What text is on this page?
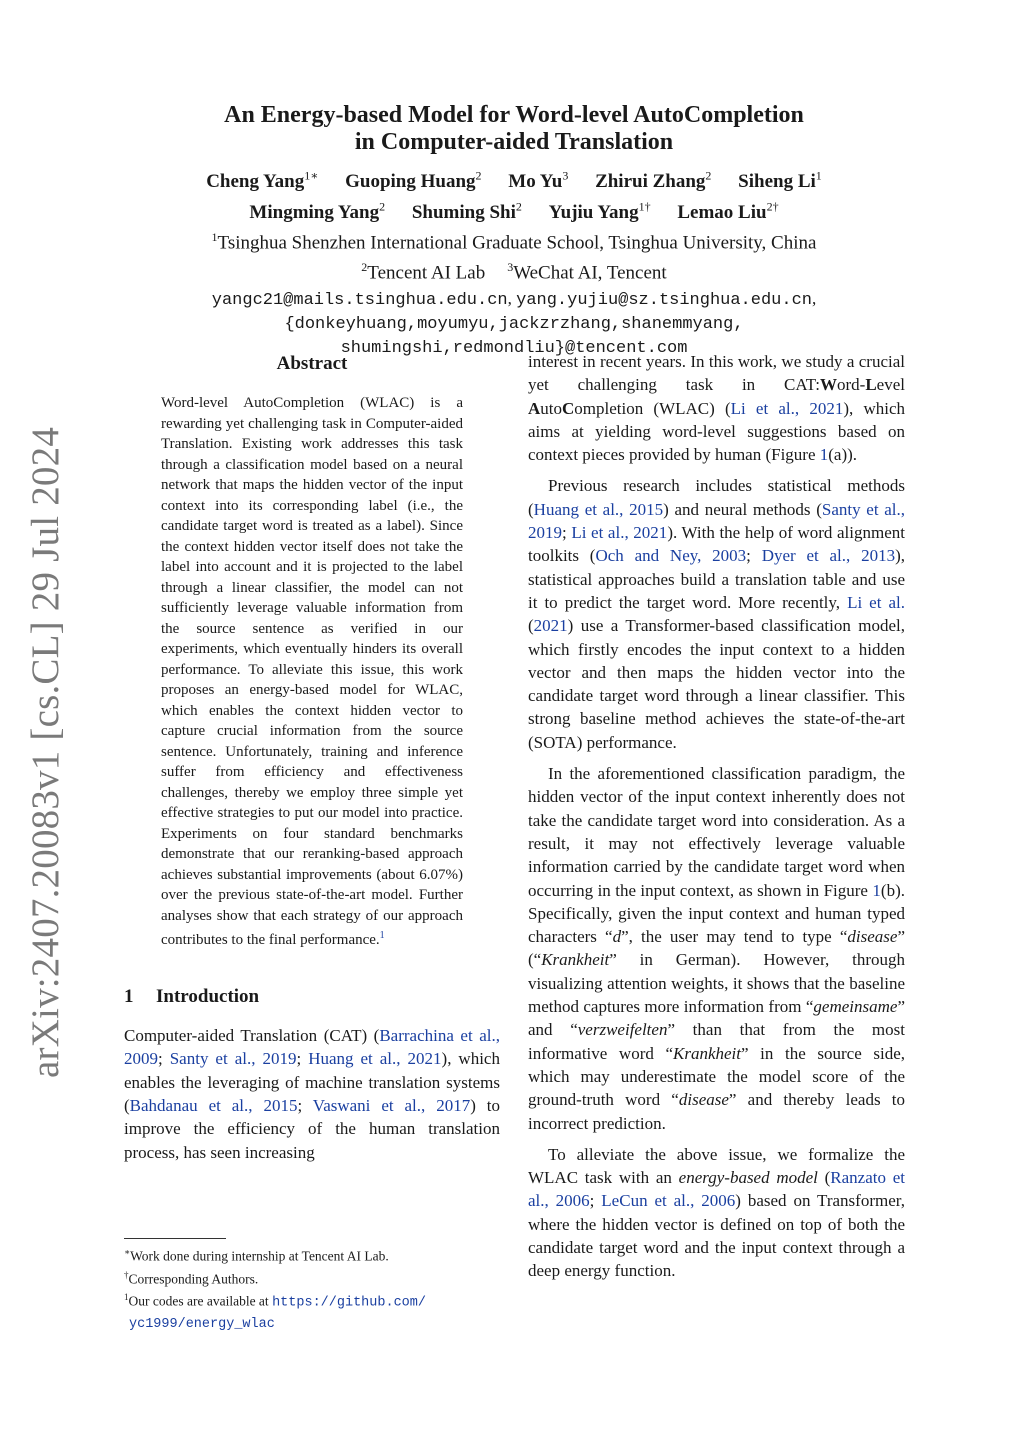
arXiv:2407.20083v1 [cs.CL] 29 Jul 2024
An Energy-based Model for Word-level AutoCompletion
in Computer-aided Translation
Cheng Yang$^{1∗}$ Guoping Huang$^2$ Mo Yu$^3$ Zhirui Zhang$^2$ Siheng Li$^1$
Mingming Yang$^2$ Shuming Shi$^2$ Yujiu Yang$^{1\dagger}$ Lemao Liu$^{2\dagger}$
$^1$Tsinghua Shenzhen International Graduate School, Tsinghua University, China
$^2$Tencent AI Lab $^3$WeChat AI, Tencent
yangc21@mails.tsinghua.edu.cn, yang.yujiu@sz.tsinghua.edu.cn,
{donkeyhuang,moyumyu,jackzrzhang,shanemmyang,
shumingshi,redmondliu}@tencent.com
Abstract

Word-level AutoCompletion (WLAC) is a rewarding yet challenging task in Computer-aided Translation. Existing work addresses this task through a classification model based on a neural network that maps the hidden vector of the input context into its corresponding label (i.e., the candidate target word is treated as a label). Since the context hidden vector itself does not take the label into account and it is projected to the label through a linear classifier, the model can not sufficiently leverage valuable information from the source sentence as verified in our experiments, which eventually hinders its overall performance. To alleviate this issue, this work proposes an energy-based model for WLAC, which enables the context hidden vector to capture crucial information from the source sentence. Unfortunately, training and inference suffer from efficiency and effectiveness challenges, thereby we employ three simple yet effective strategies to put our model into practice. Experiments on four standard benchmarks demonstrate that our reranking-based approach achieves substantial improvements (about 6.07%) over the previous state-of-the-art model. Further analyses show that each strategy of our approach contributes to the final performance.$^1$

1 Introduction

Computer-aided Translation (CAT) (Barrachina et al., 2009; Santy et al., 2019; Huang et al., 2021), which enables the leveraging of machine translation systems (Bahdanau et al., 2015; Vaswani et al., 2017) to improve the efficiency of the human translation process, has seen increasing

∗Work done during internship at Tencent AI Lab.

†Corresponding Authors.

$^1$Our codes are available at https://github.com/
yc1999/energy_wlac

interest in recent years. In this work, we study a crucial yet challenging task in CAT:Word-Level AutoCompletion (WLAC) (Li et al., 2021), which aims at yielding word-level suggestions based on context pieces provided by human (Figure 1(a)).

Previous research includes statistical methods (Huang et al., 2015) and neural methods (Santy et al., 2019; Li et al., 2021). With the help of word alignment toolkits (Och and Ney, 2003; Dyer et al., 2013), statistical approaches build a translation table and use it to predict the target word. More recently, Li et al. (2021) use a Transformer-based classification model, which firstly encodes the input context to a hidden vector and then maps the hidden vector into the candidate target word through a linear classifier. This strong baseline method achieves the state-of-the-art (SOTA) performance.

In the aforementioned classification paradigm, the hidden vector of the input context inherently does not take the candidate target word into consideration. As a result, it may not effectively leverage valuable information carried by the candidate target word when occurring in the input context, as shown in Figure 1(b). Specifically, given the input context and human typed characters “d”, the user may tend to type “disease” (“Krankheit” in German). However, through visualizing attention weights, it shows that the baseline method captures more information from “gemeinsame” and “verzweifelten” than that from the most informative word “Krankheit” in the source side, which may underestimate the model score of the ground-truth word “disease” and thereby leads to incorrect prediction.

To alleviate the above issue, we formalize the WLAC task with an energy-based model (Ranzato et al., 2006; LeCun et al., 2006) based on Transformer, where the hidden vector is defined on top of both the candidate target word and the input context through a deep energy function.
